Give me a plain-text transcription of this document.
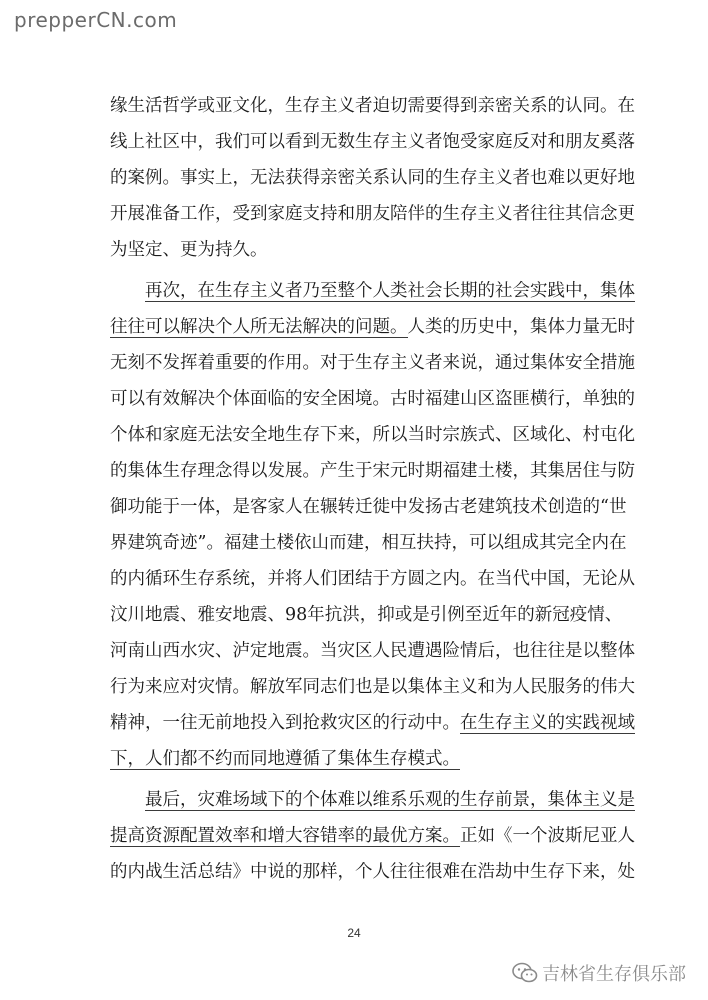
prepperCN.com
缘生活哲学或亚文化，生存主义者迫切需要得到亲密关系的认同。在
线上社区中，我们可以看到无数生存主义者饱受家庭反对和朋友奚落
的案例。事实上，无法获得亲密关系认同的生存主义者也难以更好地
开展准备工作，受到家庭支持和朋友陪伴的生存主义者往往其信念更
为坚定、更为持久。
再次，在生存主义者乃至整个人类社会长期的社会实践中，集体
往往可以解决个人所无法解决的问题。人类的历史中，集体力量无时
无刻不发挥着重要的作用。对于生存主义者来说，通过集体安全措施
可以有效解决个体面临的安全困境。古时福建山区盗匪横行，单独的
个体和家庭无法安全地生存下来，所以当时宗族式、区域化、村屯化
的集体生存理念得以发展。产生于宋元时期福建土楼，其集居住与防
御功能于一体，是客家人在辗转迁徙中发扬古老建筑技术创造的“世
界建筑奇迹”。福建土楼依山而建，相互扶持，可以组成其完全内在
的内循环生存系统，并将人们团结于方圆之内。在当代中国，无论从
汶川地震、雅安地震、98年抗洪，抑或是引例至近年的新冠疫情、
河南山西水灾、泸定地震。当灾区人民遭遇险情后，也往往是以整体
行为来应对灾情。解放军同志们也是以集体主义和为人民服务的伟大
精神，一往无前地投入到抢救灾区的行动中。在生存主义的实践视域
下，人们都不约而同地遵循了集体生存模式。
最后，灾难场域下的个体难以维系乐观的生存前景，集体主义是
提高资源配置效率和增大容错率的最优方案。正如《一个波斯尼亚人
的内战生活总结》中说的那样，个人往往很难在浩劫中生存下来，处
24
吉林省生存俱乐部
